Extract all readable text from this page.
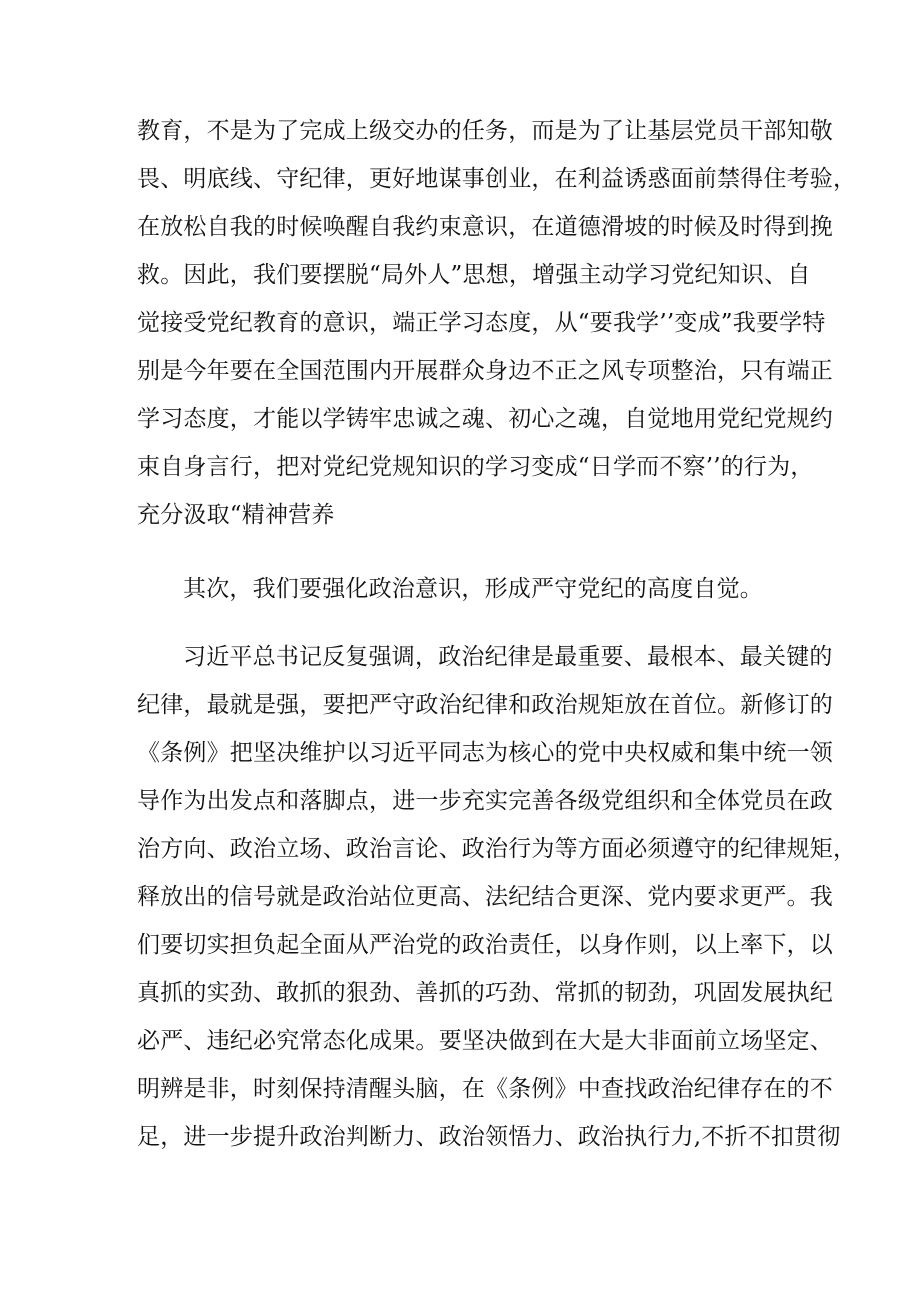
教育，不是为了完成上级交办的任务，而是为了让基层党员干部知敬
畏、明底线、守纪律，更好地谋事创业，在利益诱惑面前禁得住考验，
在放松自我的时候唤醒自我约束意识，在道德滑坡的时候及时得到挽
救。因此，我们要摆脱“局外人”思想，增强主动学习党纪知识、自
觉接受党纪教育的意识，端正学习态度，从“要我学’’变成”我要学特
别是今年要在全国范围内开展群众身边不正之风专项整治，只有端正
学习态度，才能以学铸牢忠诚之魂、初心之魂，自觉地用党纪党规约
束自身言行，把对党纪党规知识的学习变成“日学而不察’’的行为，
充分汲取“精神营养
其次，我们要强化政治意识，形成严守党纪的高度自觉。
习近平总书记反复强调，政治纪律是最重要、最根本、最关键的
纪律，最就是强，要把严守政治纪律和政治规矩放在首位。新修订的
《条例》把坚决维护以习近平同志为核心的党中央权威和集中统一领
导作为出发点和落脚点，进一步充实完善各级党组织和全体党员在政
治方向、政治立场、政治言论、政治行为等方面必须遵守的纪律规矩，
释放出的信号就是政治站位更高、法纪结合更深、党内要求更严。我
们要切实担负起全面从严治党的政治责任，以身作则，以上率下，以
真抓的实劲、敢抓的狠劲、善抓的巧劲、常抓的韧劲，巩固发展执纪
必严、违纪必究常态化成果。要坚决做到在大是大非面前立场坚定、
明辨是非，时刻保持清醒头脑，在《条例》中查找政治纪律存在的不
足，进一步提升政治判断力、政治领悟力、政治执行力,不折不扣贯彻
